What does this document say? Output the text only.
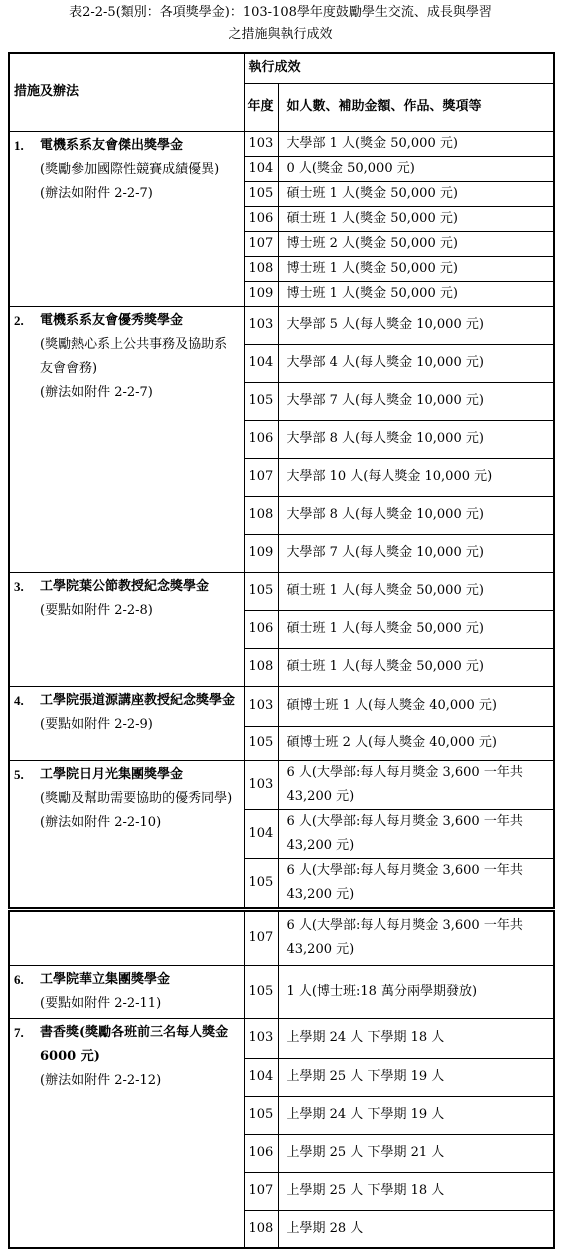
表2-2-5(類別：各項獎學金)：103-108學年度鼓勵學生交流、成長與學習
之措施與執行成效
措施及辦法	執行成效	
	年度	如人數、補助金額、作品、獎項等

1. 電機系系友會傑出獎學金
(獎勵參加國際性競賽成績優異)
(辦法如附件 2-2-7)	103	大學部 1 人(獎金 50,000 元)
	104	0 人(獎金 50,000 元)
	105	碩士班 1 人(獎金 50,000 元)
	106	碩士班 1 人(獎金 50,000 元)
	107	博士班 2 人(獎金 50,000 元)
	108	博士班 1 人(獎金 50,000 元)
	109	博士班 1 人(獎金 50,000 元)

2. 電機系系友會優秀獎學金
(獎勵熱心系上公共事務及協助系友會會務)
(辦法如附件 2-2-7)	103	大學部 5 人(每人獎金 10,000 元)
	104	大學部 4 人(每人獎金 10,000 元)
	105	大學部 7 人(每人獎金 10,000 元)
	106	大學部 8 人(每人獎金 10,000 元)
	107	大學部 10 人(每人獎金 10,000 元)
	108	大學部 8 人(每人獎金 10,000 元)
	109	大學部 7 人(每人獎金 10,000 元)

3. 工學院葉公節教授紀念獎學金
(要點如附件 2-2-8)	105	碩士班 1 人(每人獎金 50,000 元)
	106	碩士班 1 人(每人獎金 50,000 元)
	108	碩士班 1 人(每人獎金 50,000 元)

4. 工學院張道源講座教授紀念獎學金
(要點如附件 2-2-9)	103	碩博士班 1 人(每人獎金 40,000 元)
	105	碩博士班 2 人(每人獎金 40,000 元)

5. 工學院日月光集團獎學金
(獎勵及幫助需要協助的優秀同學)
(辦法如附件 2-2-10)	103	6 人(大學部:每人每月獎金 3,600 一年共 43,200 元)
	104	6 人(大學部:每人每月獎金 3,600 一年共 43,200 元)
	105	6 人(大學部:每人每月獎金 3,600 一年共 43,200 元)
	107	6 人(大學部:每人每月獎金 3,600 一年共 43,200 元)

6. 工學院華立集團獎學金
(要點如附件 2-2-11)	105	1 人(博士班:18 萬分兩學期發放)

7. 書香獎(獎勵各班前三名每人獎金 6000 元)
(辦法如附件 2-2-12)	103	上學期 24 人 下學期 18 人
	104	上學期 25 人 下學期 19 人
	105	上學期 24 人 下學期 19 人
	106	上學期 25 人 下學期 21 人
	107	上學期 25 人 下學期 18 人
	108	上學期 28 人
